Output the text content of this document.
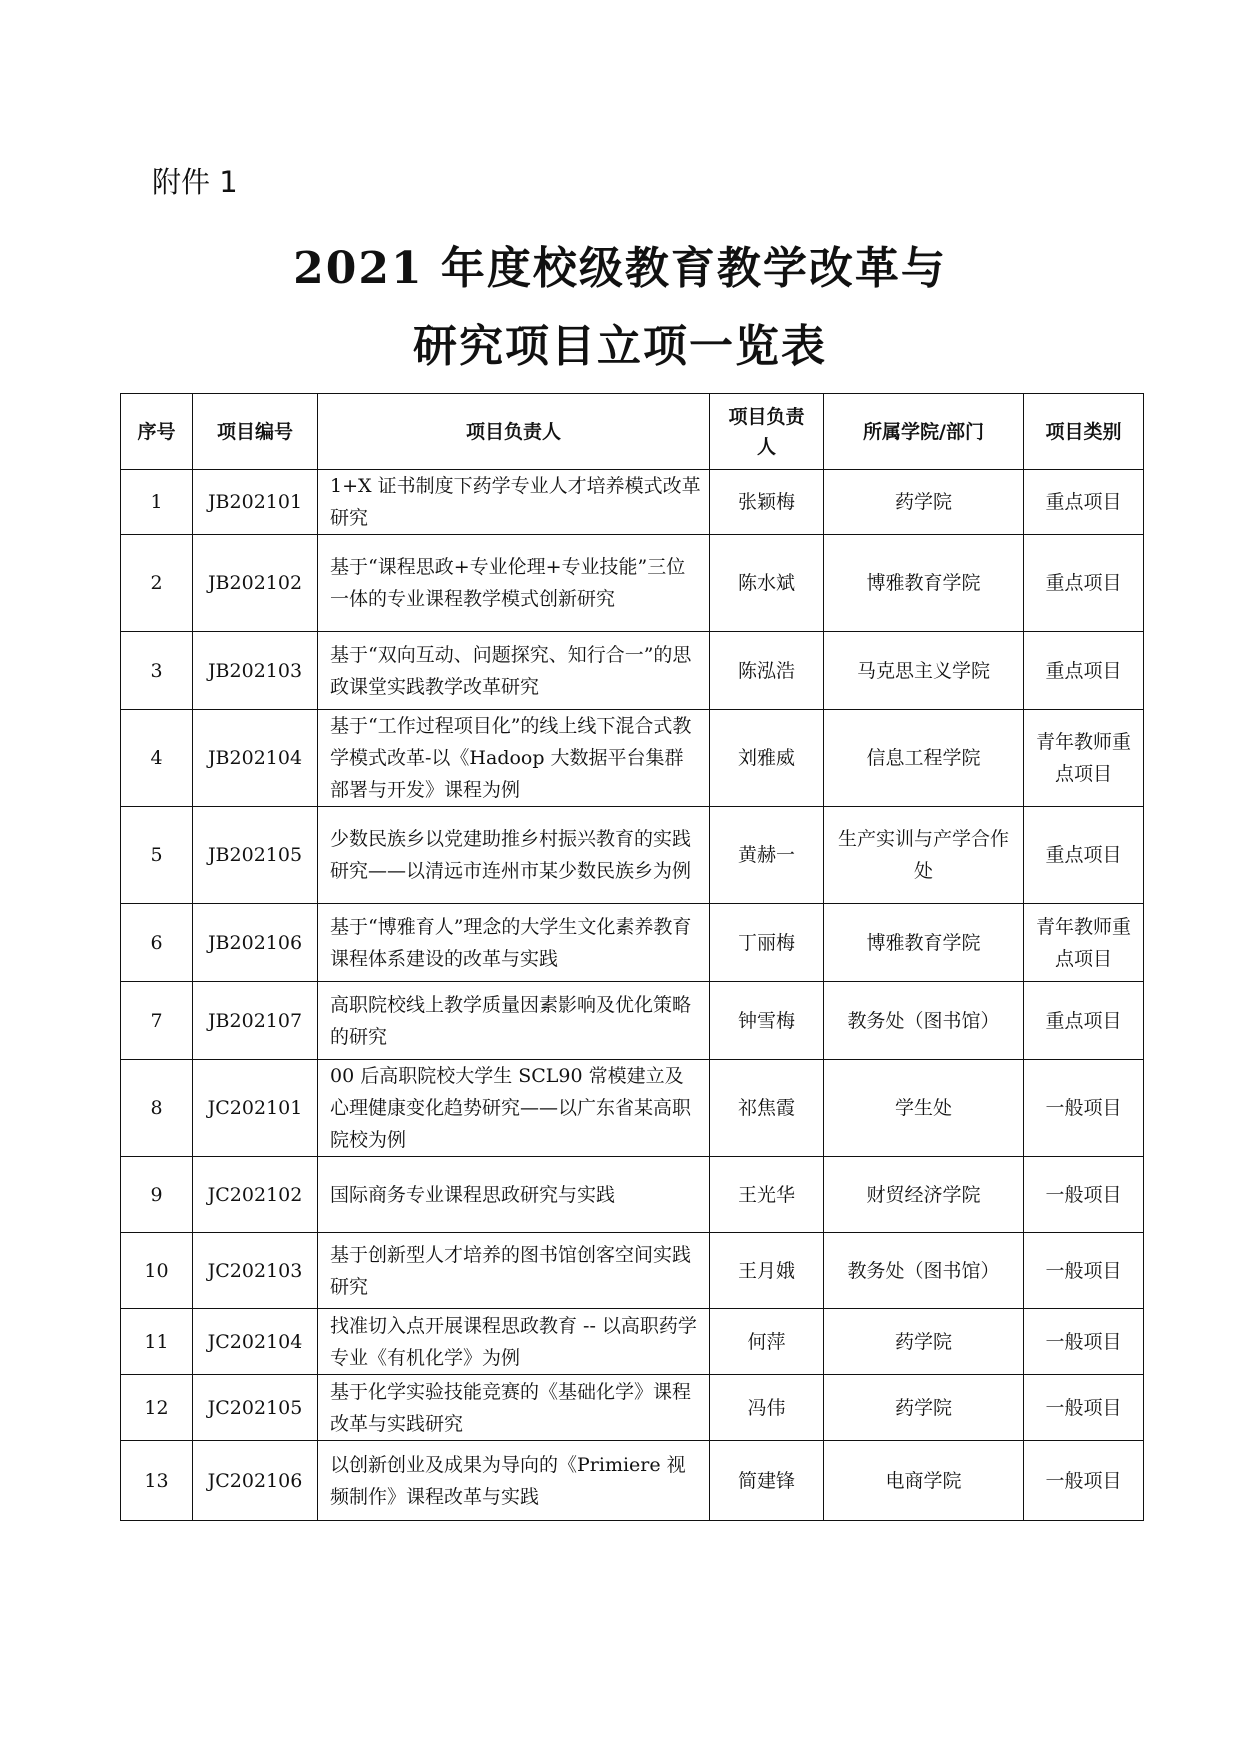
附件 1
2021 年度校级教育教学改革与
研究项目立项一览表
序号	项目编号	项目负责人	项目负责人	所属学院/部门	项目类别
1	JB202101	1+X 证书制度下药学专业人才培养模式改革研究	张颖梅	药学院	重点项目
2	JB202102	基于“课程思政+专业伦理+专业技能”三位一体的专业课程教学模式创新研究	陈水斌	博雅教育学院	重点项目
3	JB202103	基于“双向互动、问题探究、知行合一”的思政课堂实践教学改革研究	陈泓浩	马克思主义学院	重点项目
4	JB202104	基于“工作过程项目化”的线上线下混合式教学模式改革-以《Hadoop 大数据平台集群部署与开发》课程为例	刘雅威	信息工程学院	青年教师重点项目
5	JB202105	少数民族乡以党建助推乡村振兴教育的实践研究——以清远市连州市某少数民族乡为例	黄赫一	生产实训与产学合作处	重点项目
6	JB202106	基于“博雅育人”理念的大学生文化素养教育课程体系建设的改革与实践	丁丽梅	博雅教育学院	青年教师重点项目
7	JB202107	高职院校线上教学质量因素影响及优化策略的研究	钟雪梅	教务处（图书馆）	重点项目
8	JC202101	00 后高职院校大学生 SCL90 常模建立及心理健康变化趋势研究——以广东省某高职院校为例	祁焦霞	学生处	一般项目
9	JC202102	国际商务专业课程思政研究与实践	王光华	财贸经济学院	一般项目
10	JC202103	基于创新型人才培养的图书馆创客空间实践研究	王月娥	教务处（图书馆）	一般项目
11	JC202104	找准切入点开展课程思政教育 -- 以高职药学专业《有机化学》为例	何萍	药学院	一般项目
12	JC202105	基于化学实验技能竞赛的《基础化学》课程改革与实践研究	冯伟	药学院	一般项目
13	JC202106	以创新创业及成果为导向的《Primiere 视频制作》课程改革与实践	简建锋	电商学院	一般项目
